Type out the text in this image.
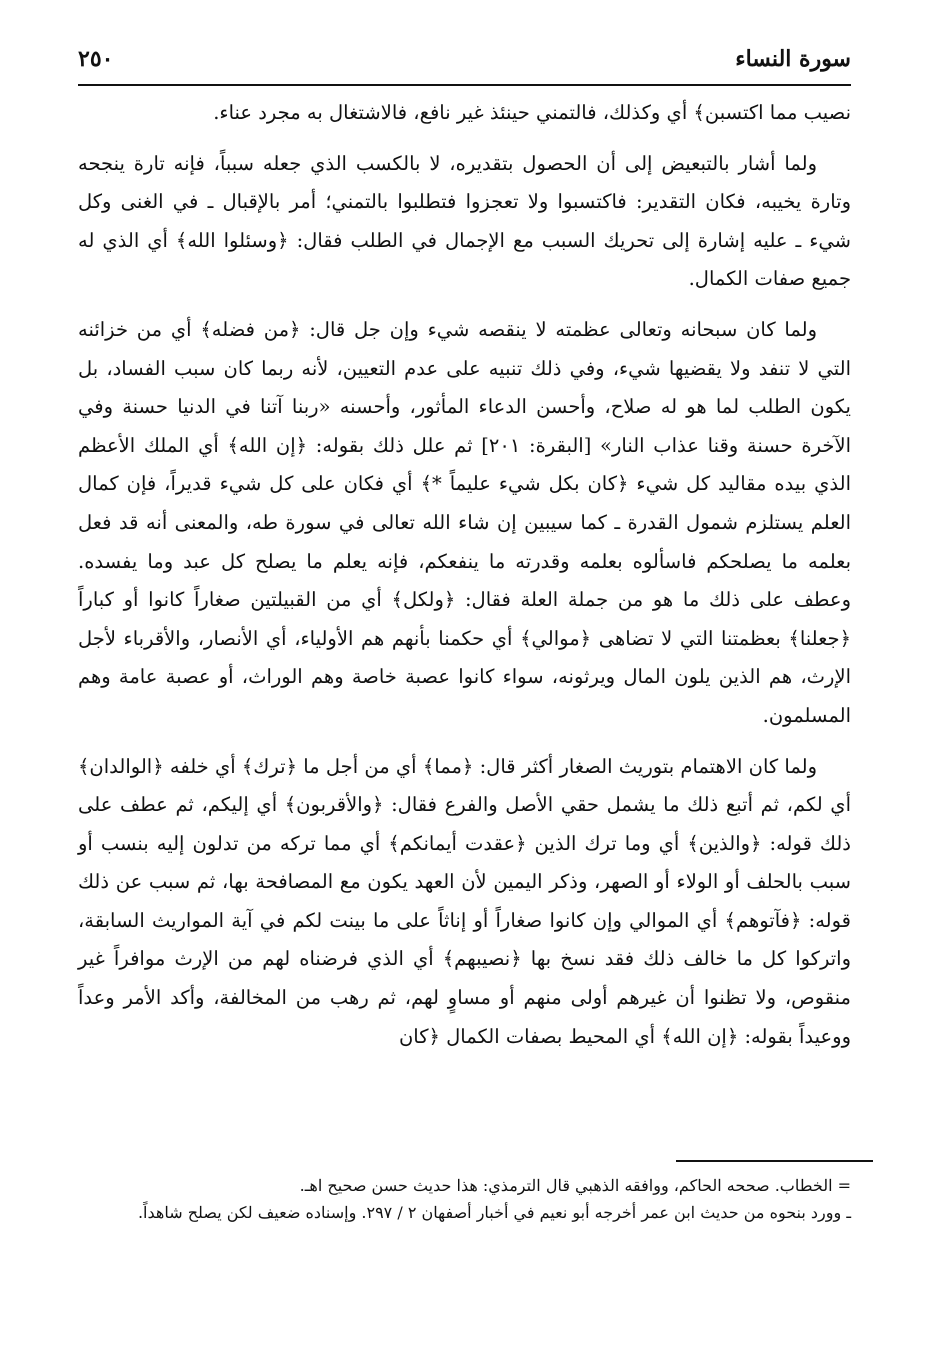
٢٥٠	سورة النساء

نصيب مما اكتسبن﴾ أي وكذلك، فالتمني حينئذ غير نافع، فالاشتغال به مجرد عناء.

ولما أشار بالتبعيض إلى أن الحصول بتقديره، لا بالكسب الذي جعله سبباً، فإنه تارة ينجحه وتارة يخيبه، فكان التقدير: فاكتسبوا ولا تعجزوا فتطلبوا بالتمني؛ أمر بالإقبال ـ في الغنى وكل شيء ـ عليه إشارة إلى تحريك السبب مع الإجمال في الطلب فقال: ﴿وسئلوا الله﴾ أي الذي له جميع صفات الكمال.

ولما كان سبحانه وتعالى عظمته لا ينقصه شيء وإن جل قال: ﴿من فضله﴾ أي من خزائنه التي لا تنفد ولا يقضيها شيء، وفي ذلك تنبيه على عدم التعيين، لأنه ربما كان سبب الفساد، بل يكون الطلب لما هو له صلاح، وأحسن الدعاء المأثور، وأحسنه «ربنا آتنا في الدنيا حسنة وفي الآخرة حسنة وقنا عذاب النار» [البقرة: ٢٠١] ثم علل ذلك بقوله: ﴿إن الله﴾ أي الملك الأعظم الذي بيده مقاليد كل شيء ﴿كان بكل شيء عليماً *﴾ أي فكان على كل شيء قديراً، فإن كمال العلم يستلزم شمول القدرة ـ كما سيبين إن شاء الله تعالى في سورة طه، والمعنى أنه قد فعل بعلمه ما يصلحكم فاسألوه بعلمه وقدرته ما ينفعكم، فإنه يعلم ما يصلح كل عبد وما يفسده. وعطف على ذلك ما هو من جملة العلة فقال: ﴿ولكل﴾ أي من القبيلتين صغاراً كانوا أو كباراً ﴿جعلنا﴾ بعظمتنا التي لا تضاهى ﴿موالي﴾ أي حكمنا بأنهم هم الأولياء، أي الأنصار، والأقرباء لأجل الإرث، هم الذين يلون المال ويرثونه، سواء كانوا عصبة خاصة وهم الوراث، أو عصبة عامة وهم المسلمون.

ولما كان الاهتمام بتوريث الصغار أكثر قال: ﴿مما﴾ أي من أجل ما ﴿ترك﴾ أي خلفه ﴿الوالدان﴾ أي لكم، ثم أتبع ذلك ما يشمل حقي الأصل والفرع فقال: ﴿والأقربون﴾ أي إليكم، ثم عطف على ذلك قوله: ﴿والذين﴾ أي وما ترك الذين ﴿عقدت أيمانكم﴾ أي مما تركه من تدلون إليه بنسب أو سبب بالحلف أو الولاء أو الصهر، وذكر اليمين لأن العهد يكون مع المصافحة بها، ثم سبب عن ذلك قوله: ﴿فآتوهم﴾ أي الموالي وإن كانوا صغاراً أو إناثاً على ما بينت لكم في آية المواريث السابقة، واتركوا كل ما خالف ذلك فقد نسخ بها ﴿نصيبهم﴾ أي الذي فرضناه لهم من الإرث موافراً غير منقوص، ولا تظنوا أن غيرهم أولى منهم أو مساوٍ لهم، ثم رهب من المخالفة، وأكد الأمر وعداً ووعيداً بقوله: ﴿إن الله﴾ أي المحيط بصفات الكمال ﴿كان

= الخطاب. صححه الحاكم، ووافقه الذهبي قال الترمذي: هذا حديث حسن صحيح اهـ.

ـ وورد بنحوه من حديث ابن عمر أخرجه أبو نعيم في أخبار أصفهان ٢ / ٢٩٧. وإسناده ضعيف لكن يصلح شاهداً.
